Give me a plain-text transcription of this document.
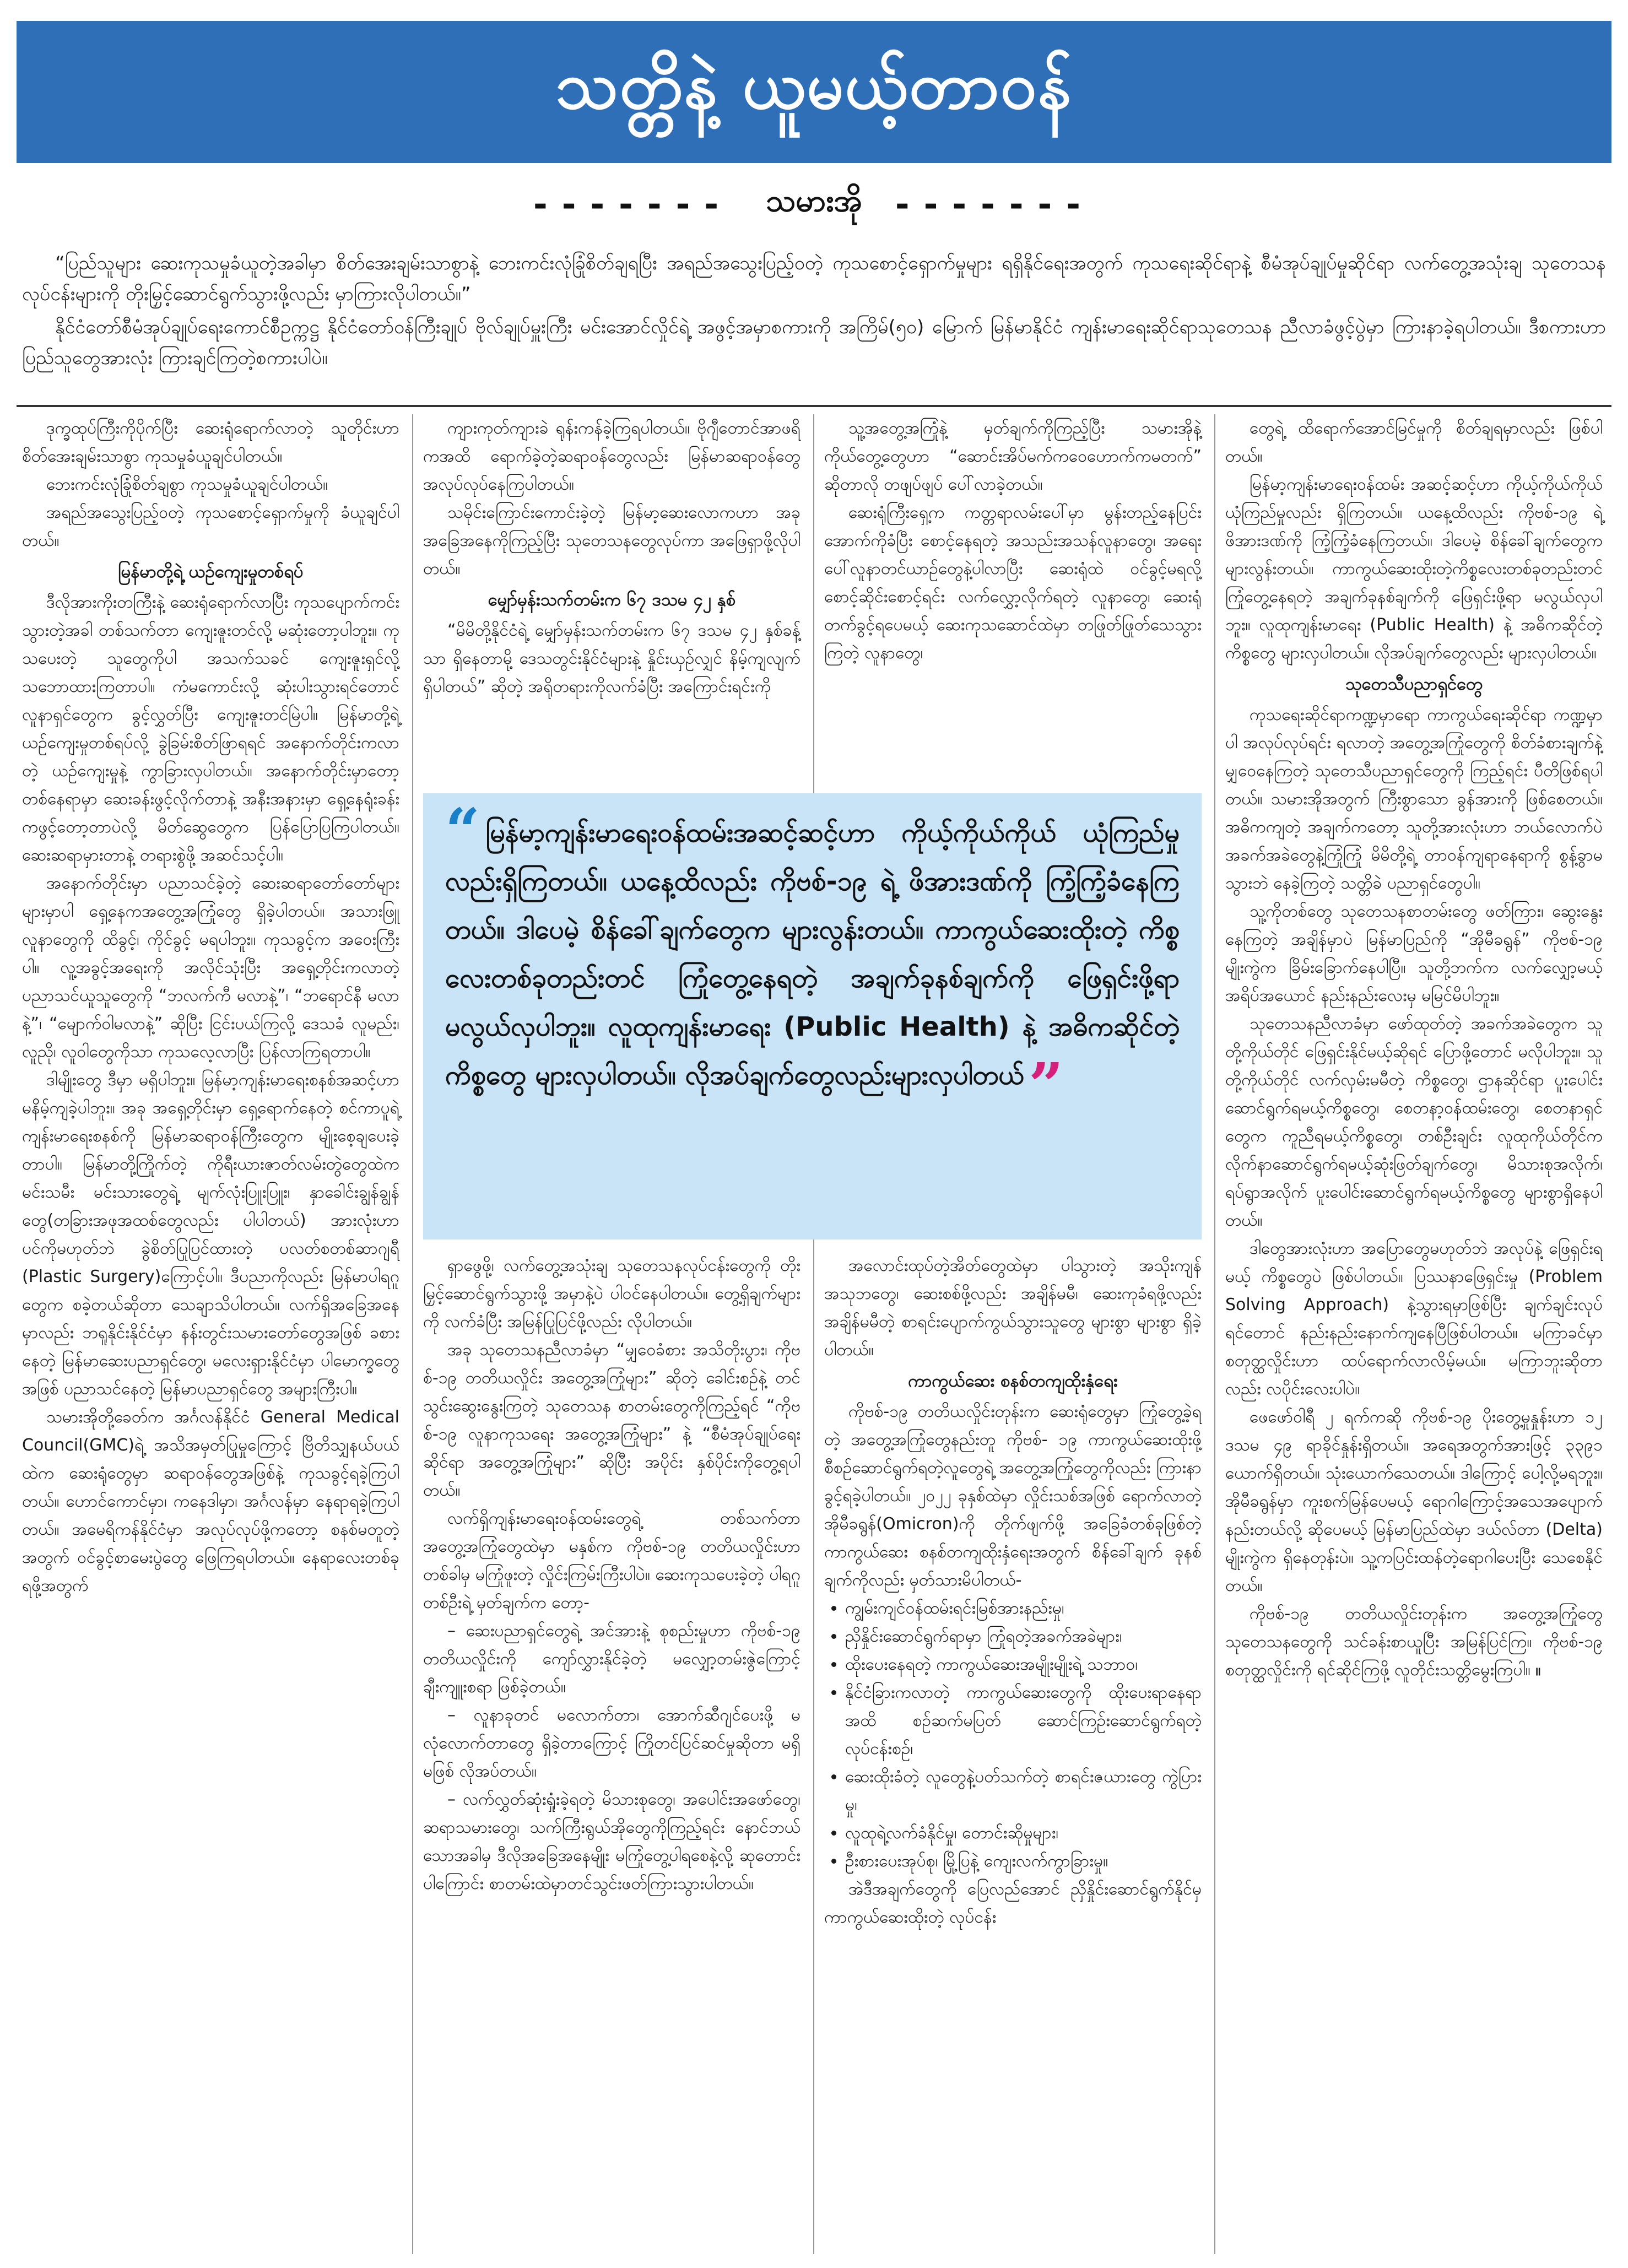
သတ္တိနဲ့ ယူမယ့်တာဝန်
------- သမားအို -------

“ပြည်သူများ ဆေးကုသမှုခံယူတဲ့အခါမှာ စိတ်အေးချမ်းသာစွာနဲ့ ဘေးကင်းလုံခြုံစိတ်ချရပြီး အရည်အသွေးပြည့်ဝတဲ့ ကုသစောင့်ရှောက်မှုများ ရရှိနိုင်ရေးအတွက် ကုသရေးဆိုင်ရာနဲ့ စီမံအုပ်ချုပ်မှုဆိုင်ရာ လက်တွေ့အသုံးချ သုတေသနလုပ်ငန်းများကို တိုးမြှင့်ဆောင်ရွက်သွားဖို့လည်း မှာကြားလိုပါတယ်။”

နိုင်ငံတော်စီမံအုပ်ချုပ်ရေးကောင်စီဥက္ကဋ္ဌ နိုင်ငံတော်ဝန်ကြီးချုပ် ဗိုလ်ချုပ်မှူးကြီး မင်းအောင်လှိုင်ရဲ့ အဖွင့်အမှာစကားကို အကြိမ်(၅၀) မြောက် မြန်မာနိုင်ငံ ကျန်းမာရေးဆိုင်ရာသုတေသန ညီလာခံဖွင့်ပွဲမှာ ကြားနာခဲ့ရပါတယ်။ ဒီစကားဟာ ပြည်သူတွေအားလုံး ကြားချင်ကြတဲ့စကားပါပဲ။

ဒုက္ခထုပ်ကြီးကိုပိုက်ပြီး ဆေးရုံရောက်လာတဲ့ သူတိုင်းဟာ စိတ်အေးချမ်းသာစွာ ကုသမှုခံယူချင်ပါတယ်။

ဘေးကင်းလုံခြုံစိတ်ချစွာ ကုသမှုခံယူချင်ပါတယ်။

အရည်အသွေးပြည့်ဝတဲ့ ကုသစောင့်ရှောက်မှုကို ခံယူချင်ပါတယ်။

မြန်မာတို့ရဲ့ ယဉ်ကျေးမှုတစ်ရပ်

ဒီလိုအားကိုးတကြီးနဲ့ ဆေးရုံရောက်လာပြီး ကုသပျောက်ကင်းသွားတဲ့အခါ တစ်သက်တာ ကျေးဇူးတင်လို့ မဆုံးတော့ပါဘူး။ ကုသပေးတဲ့ သူတွေကိုပါ အသက်သခင် ကျေးဇူးရှင်လို့ သဘောထားကြတာပါ။ ကံမကောင်းလို့ ဆုံးပါးသွားရင်တောင် လူနာရှင်တွေက ခွင့်လွှတ်ပြီး ကျေးဇူးတင်မြဲပါ။ မြန်မာတို့ရဲ့ ယဉ်ကျေးမှုတစ်ရပ်လို့ ခွဲခြမ်းစိတ်ဖြာရရင် အနောက်တိုင်းကလာတဲ့ ယဉ်ကျေးမှုနဲ့ ကွာခြားလှပါတယ်။ အနောက်တိုင်းမှာတော့ တစ်နေရာမှာ ဆေးခန်းဖွင့်လိုက်တာနဲ့ အနီးအနားမှာ ရှေ့နေရုံးခန်းကဖွင့်တော့တာပဲလို့ မိတ်ဆွေတွေက ပြန်ပြောပြကြပါတယ်။ ဆေးဆရာမှားတာနဲ့ တရားစွဲဖို့ အဆင်သင့်ပါ။

အနောက်တိုင်းမှာ ပညာသင်ခဲ့တဲ့ ဆေးဆရာတော်တော်များများမှာပါ ရှေ့နေကအတွေ့အကြုံတွေ ရှိခဲ့ပါတယ်။ အသားဖြူလူနာတွေကို ထိခွင့်၊ ကိုင်ခွင့် မရပါဘူး။ ကုသခွင့်က အဝေးကြီးပါ။ လူ့အခွင့်အရေးကို အလိုင်သုံးပြီး အရှေ့တိုင်းကလာတဲ့ ပညာသင်ယူသူတွေကို “ဘလက်ကီ မလာနဲ့”၊ “ဘရောင်နီ မလာနဲ့”၊ “မျောက်ဝါမလာနဲ့” ဆိုပြီး ငြင်းပယ်ကြလို့ ဒေသခံ လူမည်း၊ လူညို၊ လူဝါတွေကိုသာ ကုသလေ့လာပြီး ပြန်လာကြရတာပါ။

ဒါမျိုးတွေ ဒီမှာ မရှိပါဘူး။ မြန်မာ့ကျန်းမာရေးစနစ်အဆင့်ဟာ မနိမ့်ကျခဲ့ပါဘူး။ အခု အရှေ့တိုင်းမှာ ရှေ့ရောက်နေတဲ့ စင်ကာပူရဲ့ ကျန်းမာရေးစနစ်ကို မြန်မာဆရာဝန်ကြီးတွေက မျိုးစေ့ချပေးခဲ့တာပါ။ မြန်မာတို့ကြိုက်တဲ့ ကိုရီးယားဇာတ်လမ်းတွဲတွေထဲက မင်းသမီး မင်းသားတွေရဲ့ မျက်လုံးပြူးပြူး၊ နှာခေါင်းချွန်ချွန်တွေ(တခြားအဖုအထစ်တွေလည်း ပါပါတယ်) အားလုံးဟာ ပင်ကိုမဟုတ်ဘဲ ခွဲစိတ်ပြုပြင်ထားတဲ့ ပလတ်စတစ်ဆာဂျရီ (Plastic Surgery)ကြောင့်ပါ။ ဒီပညာကိုလည်း မြန်မာပါရဂူတွေက စခဲ့တယ်ဆိုတာ သေချာသိပါတယ်။ လက်ရှိအခြေအနေမှာလည်း ဘရူနိုင်းနိုင်ငံမှာ နန်းတွင်းသမားတော်တွေအဖြစ် ခစားနေတဲ့ မြန်မာဆေးပညာရှင်တွေ၊ မလေးရှားနိုင်ငံမှာ ပါမောက္ခတွေအဖြစ် ပညာသင်နေတဲ့ မြန်မာပညာရှင်တွေ အများကြီးပါ။

သမားအိုတို့ခေတ်က အင်္ဂလန်နိုင်ငံ General Medical Council(GMC)ရဲ့ အသိအမှတ်ပြုမှုကြောင့် ဗြိတိသျှနယ်ပယ်ထဲက ဆေးရုံတွေမှာ ဆရာဝန်တွေအဖြစ်နဲ့ ကုသခွင့်ရခဲ့ကြပါတယ်။ ဟောင်ကောင်မှာ၊ ကနေဒါမှာ၊ အင်္ဂလန်မှာ နေရာရခဲ့ကြပါတယ်။ အမေရိကန်နိုင်ငံမှာ အလုပ်လုပ်ဖို့ကတော့ စနစ်မတူတဲ့အတွက် ဝင်ခွင့်စာမေးပွဲတွေ ဖြေကြရပါတယ်။ နေရာလေးတစ်ခုရဖို့အတွက်

ကျားကုတ်ကျားခဲ ရုန်းကန်ခဲ့ကြရပါတယ်။ ဗိုဂျီတောင်အာဖရိကအထိ ရောက်ခဲ့တဲ့ဆရာဝန်တွေလည်း မြန်မာဆရာဝန်တွေ အလုပ်လုပ်နေကြပါတယ်။

သမိုင်းကြောင်းကောင်းခဲ့တဲ့ မြန်မာ့ဆေးလောကဟာ အခုအခြေအနေကိုကြည့်ပြီး သုတေသနတွေလုပ်ကာ အဖြေရှာဖို့လိုပါတယ်။

မျှော်မှန်းသက်တမ်းက ၆၇ ဒသမ ၄၂ နှစ်

“မိမိတို့နိုင်ငံရဲ့ မျှော်မှန်းသက်တမ်းက ၆၇ ဒသမ ၄၂ နှစ်ခန့်သာ ရှိနေတာမို့ ဒေသတွင်းနိုင်ငံများနဲ့ နှိုင်းယှဉ်လျှင် နိမ့်ကျလျက်ရှိပါတယ်” ဆိုတဲ့ အရိုတရားကိုလက်ခံပြီး အကြောင်းရင်းကို

သူ့အတွေ့အကြုံနဲ့ မှတ်ချက်ကိုကြည့်ပြီး သမားအိုနဲ့ ကိုယ်တွေ့တွေဟာ “ဆောင်းအိပ်မက်ကဝေ​ဟောက်ကမတက်” ဆိုတာလို တဖျပ်ဖျပ် ပေါ်လာခဲ့တယ်။

ဆေးရုံကြီးရှေ့က ကတ္တရာလမ်းပေါ်မှာ မွန်းတည့်နေပြင်းအောက်ကိုခံပြီး စောင့်နေရတဲ့ အသည်းအသန်လူနာတွေ၊ အရေးပေါ်လူနာတင်ယာဉ်တွေနဲ့ပါလာပြီး ဆေးရုံထဲ ဝင်ခွင့်မရလို့ စောင့်ဆိုင်းစောင့်ရင်း လက်လွှော့လိုက်ရတဲ့ လူနာတွေ၊ ဆေးရုံတက်ခွင့်ရပေမယ့် ဆေးကုသဆောင်ထဲမှာ တဖြုတ်ဖြုတ်သေသွားကြတဲ့ လူနာတွေ၊

“ မြန်မာ့ကျန်းမာရေးဝန်ထမ်းအဆင့်ဆင့်ဟာ ကိုယ့်ကိုယ်ကိုယ် ယုံကြည်မှုလည်းရှိကြတယ်။ ယနေ့ထိလည်း ကိုဗစ်-၁၉ ရဲ့ ဖိအားဒဏ်ကို ကြံ့ကြံ့ခံနေကြတယ်။ ဒါပေမဲ့ စိန်ခေါ်ချက်တွေက များလွန်းတယ်။ ကာကွယ်ဆေးထိုးတဲ့ ကိစ္စလေးတစ်ခုတည်းတင် ကြုံတွေ့နေရတဲ့ အချက်ခုနစ်ချက်ကို ဖြေရှင်းဖို့ရာ မလွယ်လှပါဘူး။ လူထုကျန်းမာရေး (Public Health) နဲ့ အဓိကဆိုင်တဲ့ကိစ္စတွေ များလှပါတယ်။ လိုအပ်ချက်တွေလည်းများလှပါတယ်”

ရှာဖွေဖို့၊ လက်တွေ့အသုံးချ သုတေသနလုပ်ငန်းတွေကို တိုးမြှင့်ဆောင်ရွက်သွားဖို့ အမှာနဲ့ပဲ ပါဝင်နေပါတယ်။ တွေ့ရှိချက်များကို လက်ခံပြီး အမြန်ပြုပြင်ဖို့လည်း လိုပါတယ်။

အခု သုတေသနညီလာခံမှာ “မျှဝေခံစား အသိတိုးပွား၊ ကိုဗစ်-၁၉ တတိယလှိုင်း အတွေ့အကြုံများ” ဆိုတဲ့ ခေါင်းစဉ်နဲ့ တင်သွင်းဆွေးနွေးကြတဲ့ သုတေသန စာတမ်းတွေကိုကြည့်ရင် “ကိုဗစ်-၁၉ လူနာကုသရေး အတွေ့အကြုံများ” နဲ့ “စီမံအုပ်ချုပ်ရေးဆိုင်ရာ အတွေ့အကြုံများ” ဆိုပြီး အပိုင်း နှစ်ပိုင်းကိုတွေ့ရပါတယ်။

လက်ရှိကျန်းမာရေးဝန်ထမ်းတွေရဲ့ တစ်သက်တာ အတွေ့အကြုံတွေထဲမှာ မနှစ်က ကိုဗစ်-၁၉ တတိယလှိုင်းဟာ တစ်ခါမှ မကြုံဖူးတဲ့ လှိုင်းကြမ်းကြီးပါပဲ။ ဆေးကုသပေးခဲ့တဲ့ ပါရဂူတစ်ဦးရဲ့ မှတ်ချက်က တော့-

– ဆေးပညာရှင်တွေရဲ့ အင်အားနဲ့ စုစည်းမှုဟာ ကိုဗစ်-၁၉ တတိယလှိုင်းကို ကျော်လွှားနိုင်ခဲ့တဲ့ မလျှော့တမ်းဇွဲကြောင့် ချီးကျူးစရာ ဖြစ်ခဲ့တယ်။

– လူနာခုတင် မလောက်တာ၊ အောက်ဆီဂျင်ပေးဖို့ မလုံလောက်တာတွေ ရှိခဲ့တာကြောင့် ကြိုတင်ပြင်ဆင်မှုဆိုတာ မရှိမဖြစ် လိုအပ်တယ်။

– လက်လွှတ်ဆုံးရှုံးခဲ့ရတဲ့ မိသားစုတွေ၊ အပေါင်းအဖော်တွေ၊ ဆရာသမားတွေ၊ သက်ကြီးရွယ်အိုတွေကိုကြည့်ရင်း နောင်ဘယ်သောအခါမှ ဒီလိုအခြေအနေမျိုး မကြုံတွေ့ပါရစေနဲ့လို့ ဆုတောင်းပါကြောင်း စာတမ်းထဲမှာတင်သွင်းဖတ်ကြားသွားပါတယ်။

အလောင်းထုပ်တဲ့အိတ်တွေထဲမှာ ပါသွားတဲ့ အသိုးကျန်အသုဘတွေ၊ ဆေးစစ်ဖို့လည်း အချိန်မမီ၊ ဆေးကုခံရဖို့လည်း အချိန်မမီတဲ့ စာရင်းပျောက်ကွယ်သွားသူတွေ များစွာ များစွာ ရှိခဲ့ပါတယ်။

ကာကွယ်ဆေး စနစ်တကျထိုးနှံရေး

ကိုဗစ်-၁၉ တတိယလှိုင်းတုန်းက ဆေးရုံတွေမှာ ကြုံတွေ့ခဲ့ရတဲ့ အတွေ့အကြုံတွေနည်းတူ ကိုဗစ်- ၁၉ ကာကွယ်ဆေးထိုးဖို့ စီစဉ်ဆောင်ရွက်ရတဲ့လူတွေရဲ့ အတွေ့အကြုံတွေကိုလည်း ကြားနာခွင့်ရခဲ့ပါတယ်။ ၂၀၂၂ ခုနှစ်ထဲမှာ လှိုင်းသစ်အဖြစ် ရောက်လာတဲ့ အိုမီခရွန်(Omicron)ကို တိုက်ဖျက်ဖို့ အခြေခံတစ်ခုဖြစ်တဲ့ ကာကွယ်ဆေး စနစ်တကျထိုးနှံရေးအတွက် စိန်ခေါ်ချက် ခုနစ်ချက်ကိုလည်း မှတ်သားမိပါတယ်-

• ကျွမ်းကျင်ဝန်ထမ်းရင်းမြစ်အားနည်းမှု၊
• ညှိနှိုင်းဆောင်ရွက်ရာမှာ ကြုံရတဲ့အခက်အခဲများ၊
• ထိုးပေးနေရတဲ့ ကာကွယ်ဆေးအမျိုးမျိုးရဲ့ သဘာဝ၊
• နိုင်ငံခြားကလာတဲ့ ကာကွယ်ဆေးတွေကို ထိုးပေးရာနေရာအထိ စဉ်ဆက်မပြတ် ဆောင်ကြဉ်းဆောင်ရွက်ရတဲ့ လုပ်ငန်းစဉ်၊
• ဆေးထိုးခံတဲ့ လူတွေနဲ့ပတ်သက်တဲ့ စာရင်းဇယားတွေ ကွဲပြားမှု၊
• လူထုရဲ့လက်ခံနိုင်မှု၊ တောင်းဆိုမှုများ၊
• ဦးစားပေးအုပ်စု၊ မြို့ပြနဲ့ ကျေးလက်ကွာခြားမှု။

အဲဒီအချက်တွေကို ပြေလည်အောင် ညှိနှိုင်းဆောင်ရွက်နိုင်မှ ကာကွယ်ဆေးထိုးတဲ့ လုပ်ငန်း

တွေရဲ့ ထိရောက်အောင်မြင်မှုကို စိတ်ချရမှာလည်း ဖြစ်ပါတယ်။

မြန်မာ့ကျန်းမာရေးဝန်ထမ်း အဆင့်ဆင့်ဟာ ကိုယ့်ကိုယ်ကိုယ် ယုံကြည်မှုလည်း ရှိကြတယ်။ ယနေ့ထိလည်း ကိုဗစ်-၁၉ ရဲ့ ဖိအားဒဏ်ကို ကြံ့ကြံ့ခံနေကြတယ်။ ဒါပေမဲ့ စိန်ခေါ်ချက်တွေက များလွန်းတယ်။ ကာကွယ်ဆေးထိုးတဲ့ကိစ္စလေးတစ်ခုတည်းတင် ကြုံတွေ့နေရတဲ့ အချက်ခုနစ်ချက်ကို ဖြေရှင်းဖို့ရာ မလွယ်လှပါဘူး။ လူထုကျန်းမာရေး (Public Health) နဲ့ အဓိကဆိုင်တဲ့ကိစ္စတွေ များလှပါတယ်။ လိုအပ်ချက်တွေလည်း များလှပါတယ်။

သုတေသီပညာရှင်တွေ

ကုသရေးဆိုင်ရာကဏ္ဍမှာရော ကာကွယ်ရေးဆိုင်ရာ ကဏ္ဍမှာပါ အလုပ်လုပ်ရင်း ရလာတဲ့ အတွေ့အကြုံတွေကို စိတ်ခံစားချက်နဲ့ မျှဝေနေကြတဲ့ သုတေသီပညာရှင်တွေကို ကြည့်ရင်း ပီတိဖြစ်ရပါတယ်။ သမားအိုအတွက် ကြီးစွာသော ခွန်အားကို ဖြစ်စေတယ်။ အဓိကကျတဲ့ အချက်ကတော့ သူတို့အားလုံးဟာ ဘယ်လောက်ပဲ အခက်အခဲတွေနဲ့ကြုံကြုံ မိမိတို့ရဲ့ တာဝန်ကျရာနေရာကို စွန့်ခွာမသွားဘဲ နေခဲ့ကြတဲ့ သတ္တိခဲ ပညာရှင်တွေပါ။

သူ့ကိုတစ်တွေ သုတေသနစာတမ်းတွေ ဖတ်ကြား၊ ဆွေးနွေးနေကြတဲ့ အချိန်မှာပဲ မြန်မာပြည်ကို “အိုမီခရွန်” ကိုဗစ်-၁၉ မျိုးကွဲက ခြိမ်းခြောက်နေပါပြီ။ သူတို့ဘက်က လက်လျှော့မယ့် အရိပ်အယောင် နည်းနည်းလေးမှ မမြင်မိပါဘူး။

သုတေသနညီလာခံမှာ ဖော်ထုတ်တဲ့ အခက်အခဲတွေက သူတို့ကိုယ်တိုင် ဖြေရှင်းနိုင်မယ့်ဆိုရင် ပြောဖို့တောင် မလိုပါဘူး။ သူတို့ကိုယ်တိုင် လက်လှမ်းမမီတဲ့ ကိစ္စတွေ၊ ဌာနဆိုင်ရာ ပူးပေါင်းဆောင်ရွက်ရမယ့်ကိစ္စတွေ၊ စေတနာ့ဝန်ထမ်းတွေ၊ စေတနာရှင်တွေက ကူညီရမယ့်ကိစ္စတွေ၊ တစ်ဦးချင်း လူထုကိုယ်တိုင်က လိုက်နာဆောင်ရွက်ရမယ့်ဆုံးဖြတ်ချက်တွေ၊ မိသားစုအလိုက်၊ ရပ်ရွာအလိုက် ပူးပေါင်းဆောင်ရွက်ရမယ့်ကိစ္စတွေ များစွာရှိနေပါတယ်။

ဒါတွေအားလုံးဟာ အပြောတွေမဟုတ်ဘဲ အလုပ်နဲ့ ဖြေရှင်းရမယ့် ကိစ္စတွေပဲ ဖြစ်ပါတယ်။ ပြဿနာဖြေရှင်းမှု (Problem Solving Approach) နဲ့သွားရမှာဖြစ်ပြီး ချက်ချင်းလုပ်ရင်တောင် နည်းနည်းနောက်ကျနေပြီဖြစ်ပါတယ်။ မကြာခင်မှာ စတုတ္ထလှိုင်းဟာ ထပ်ရောက်လာလိမ့်မယ်။ မကြာဘူးဆိုတာလည်း လပိုင်းလေးပါပဲ။

ဖေဖော်ဝါရီ ၂ ရက်ကဆို ကိုဗစ်-၁၉ ပိုးတွေ့မှုနှုန်းဟာ ၁၂ ဒသမ ၄၉ ရာခိုင်နှုန်းရှိတယ်။ အရေအတွက်အားဖြင့် ၃၃၉၁ ယောက်ရှိတယ်။ သုံးယောက်သေတယ်။ ဒါကြောင့် ပေါ့လို့မရဘူး။ အိုမီခရွန်မှာ ကူးစက်မြန်ပေမယ့် ရောဂါကြောင့်အသေအပျောက် နည်းတယ်လို့ ဆိုပေမယ့် မြန်မာပြည်ထဲမှာ ဒယ်လ်တာ (Delta) မျိုးကွဲက ရှိနေတုန်းပဲ။ သူ့ကပြင်းထန်တဲ့ရောဂါပေးပြီး သေစေနိုင်တယ်။

ကိုဗစ်-၁၉ တတိယလှိုင်းတုန်းက အတွေ့အကြုံတွေ သုတေသနတွေကို သင်ခန်းစာယူပြီး အမြန်ပြင်ကြ။ ကိုဗစ်-၁၉ စတုတ္ထလှိုင်းကို ရင်ဆိုင်ကြဖို့ လူတိုင်းသတ္တိမွေးကြပါ။ ။
